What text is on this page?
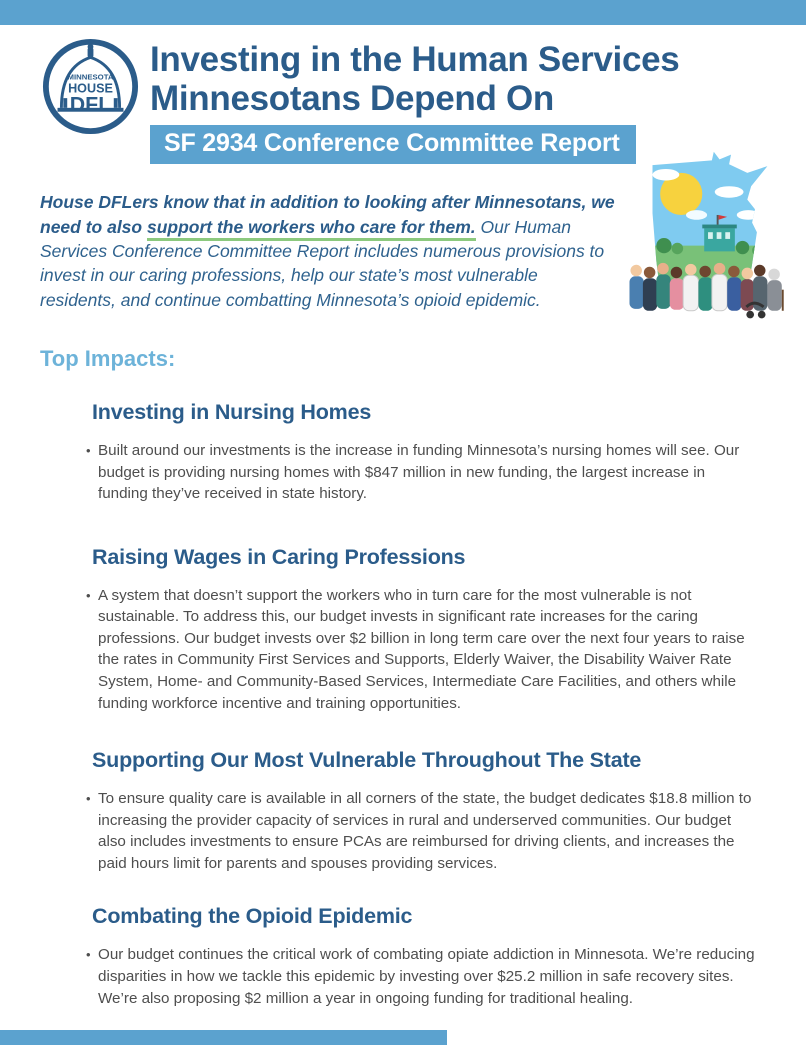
MINNESOTA
HOUSE
DFL
Investing in the Human Services
Minnesotans Depend On
SF 2934 Conference Committee Report

House DFLers know that in addition to looking after Minnesotans, we need to also support the workers who care for them. Our Human Services Conference Committee Report includes numerous provisions to invest in our caring professions, help our state’s most vulnerable residents, and continue combatting Minnesota’s opioid epidemic.

Top Impacts:
Investing in Nursing Homes
• Built around our investments is the increase in funding Minnesota’s nursing homes will see. Our budget is providing nursing homes with $847 million in new funding, the largest increase in funding they’ve received in state history.
Raising Wages in Caring Professions
• A system that doesn’t support the workers who in turn care for the most vulnerable is not sustainable. To address this, our budget invests in significant rate increases for the caring professions. Our budget invests over $2 billion in long term care over the next four years to raise the rates in Community First Services and Supports, Elderly Waiver, the Disability Waiver Rate System, Home- and Community-Based Services, Intermediate Care Facilities, and others while funding workforce incentive and training opportunities.
Supporting Our Most Vulnerable Throughout The State
• To ensure quality care is available in all corners of the state, the budget dedicates $18.8 million to increasing the provider capacity of services in rural and underserved communities. Our budget also includes investments to ensure PCAs are reimbursed for driving clients, and increases the paid hours limit for parents and spouses providing services.
Combating the Opioid Epidemic
• Our budget continues the critical work of combating opiate addiction in Minnesota. We’re reducing disparities in how we tackle this epidemic by investing over $25.2 million in safe recovery sites. We’re also proposing $2 million a year in ongoing funding for traditional healing.
